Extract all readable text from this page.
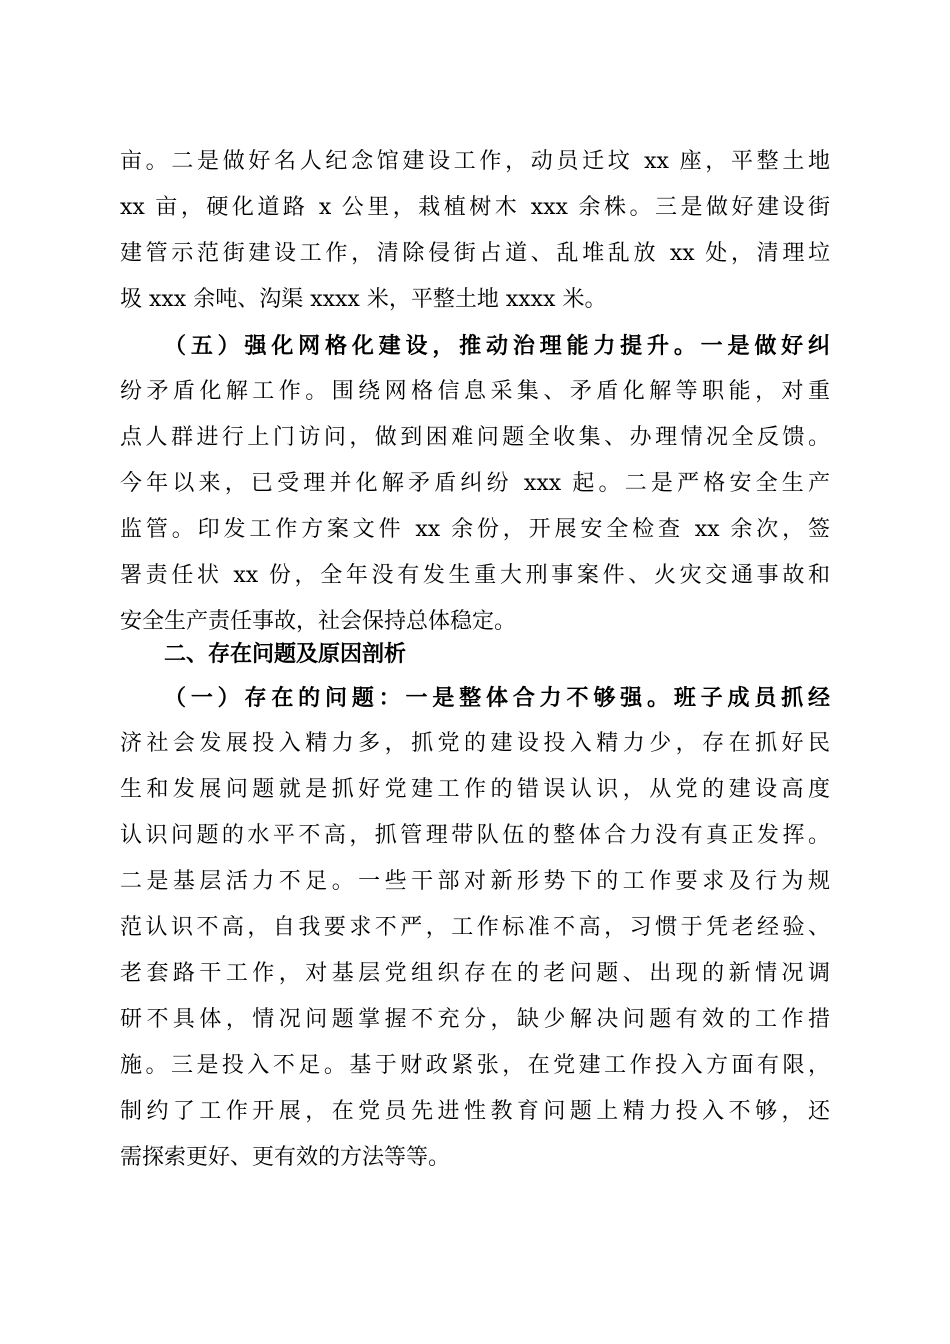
亩。二是做好名人纪念馆建设工作，动员迁坟 xx 座，平整土地
xx 亩，硬化道路 x 公里，栽植树木 xxx 余株。三是做好建设街
建管示范街建设工作，清除侵街占道、乱堆乱放 xx 处，清理垃
圾 xxx 余吨、沟渠 xxxx 米，平整土地 xxxx 米。
（五）强化网格化建设，推动治理能力提升。一是做好纠
纷矛盾化解工作。围绕网格信息采集、矛盾化解等职能，对重
点人群进行上门访问，做到困难问题全收集、办理情况全反馈。
今年以来，已受理并化解矛盾纠纷 xxx 起。二是严格安全生产
监管。印发工作方案文件 xx 余份，开展安全检查 xx 余次，签
署责任状 xx 份，全年没有发生重大刑事案件、火灾交通事故和
安全生产责任事故，社会保持总体稳定。
二、存在问题及原因剖析
（一）存在的问题：一是整体合力不够强。班子成员抓经
济社会发展投入精力多，抓党的建设投入精力少，存在抓好民
生和发展问题就是抓好党建工作的错误认识，从党的建设高度
认识问题的水平不高，抓管理带队伍的整体合力没有真正发挥。
二是基层活力不足。一些干部对新形势下的工作要求及行为规
范认识不高，自我要求不严，工作标准不高，习惯于凭老经验、
老套路干工作，对基层党组织存在的老问题、出现的新情况调
研不具体，情况问题掌握不充分，缺少解决问题有效的工作措
施。三是投入不足。基于财政紧张，在党建工作投入方面有限，
制约了工作开展，在党员先进性教育问题上精力投入不够，还
需探索更好、更有效的方法等等。
